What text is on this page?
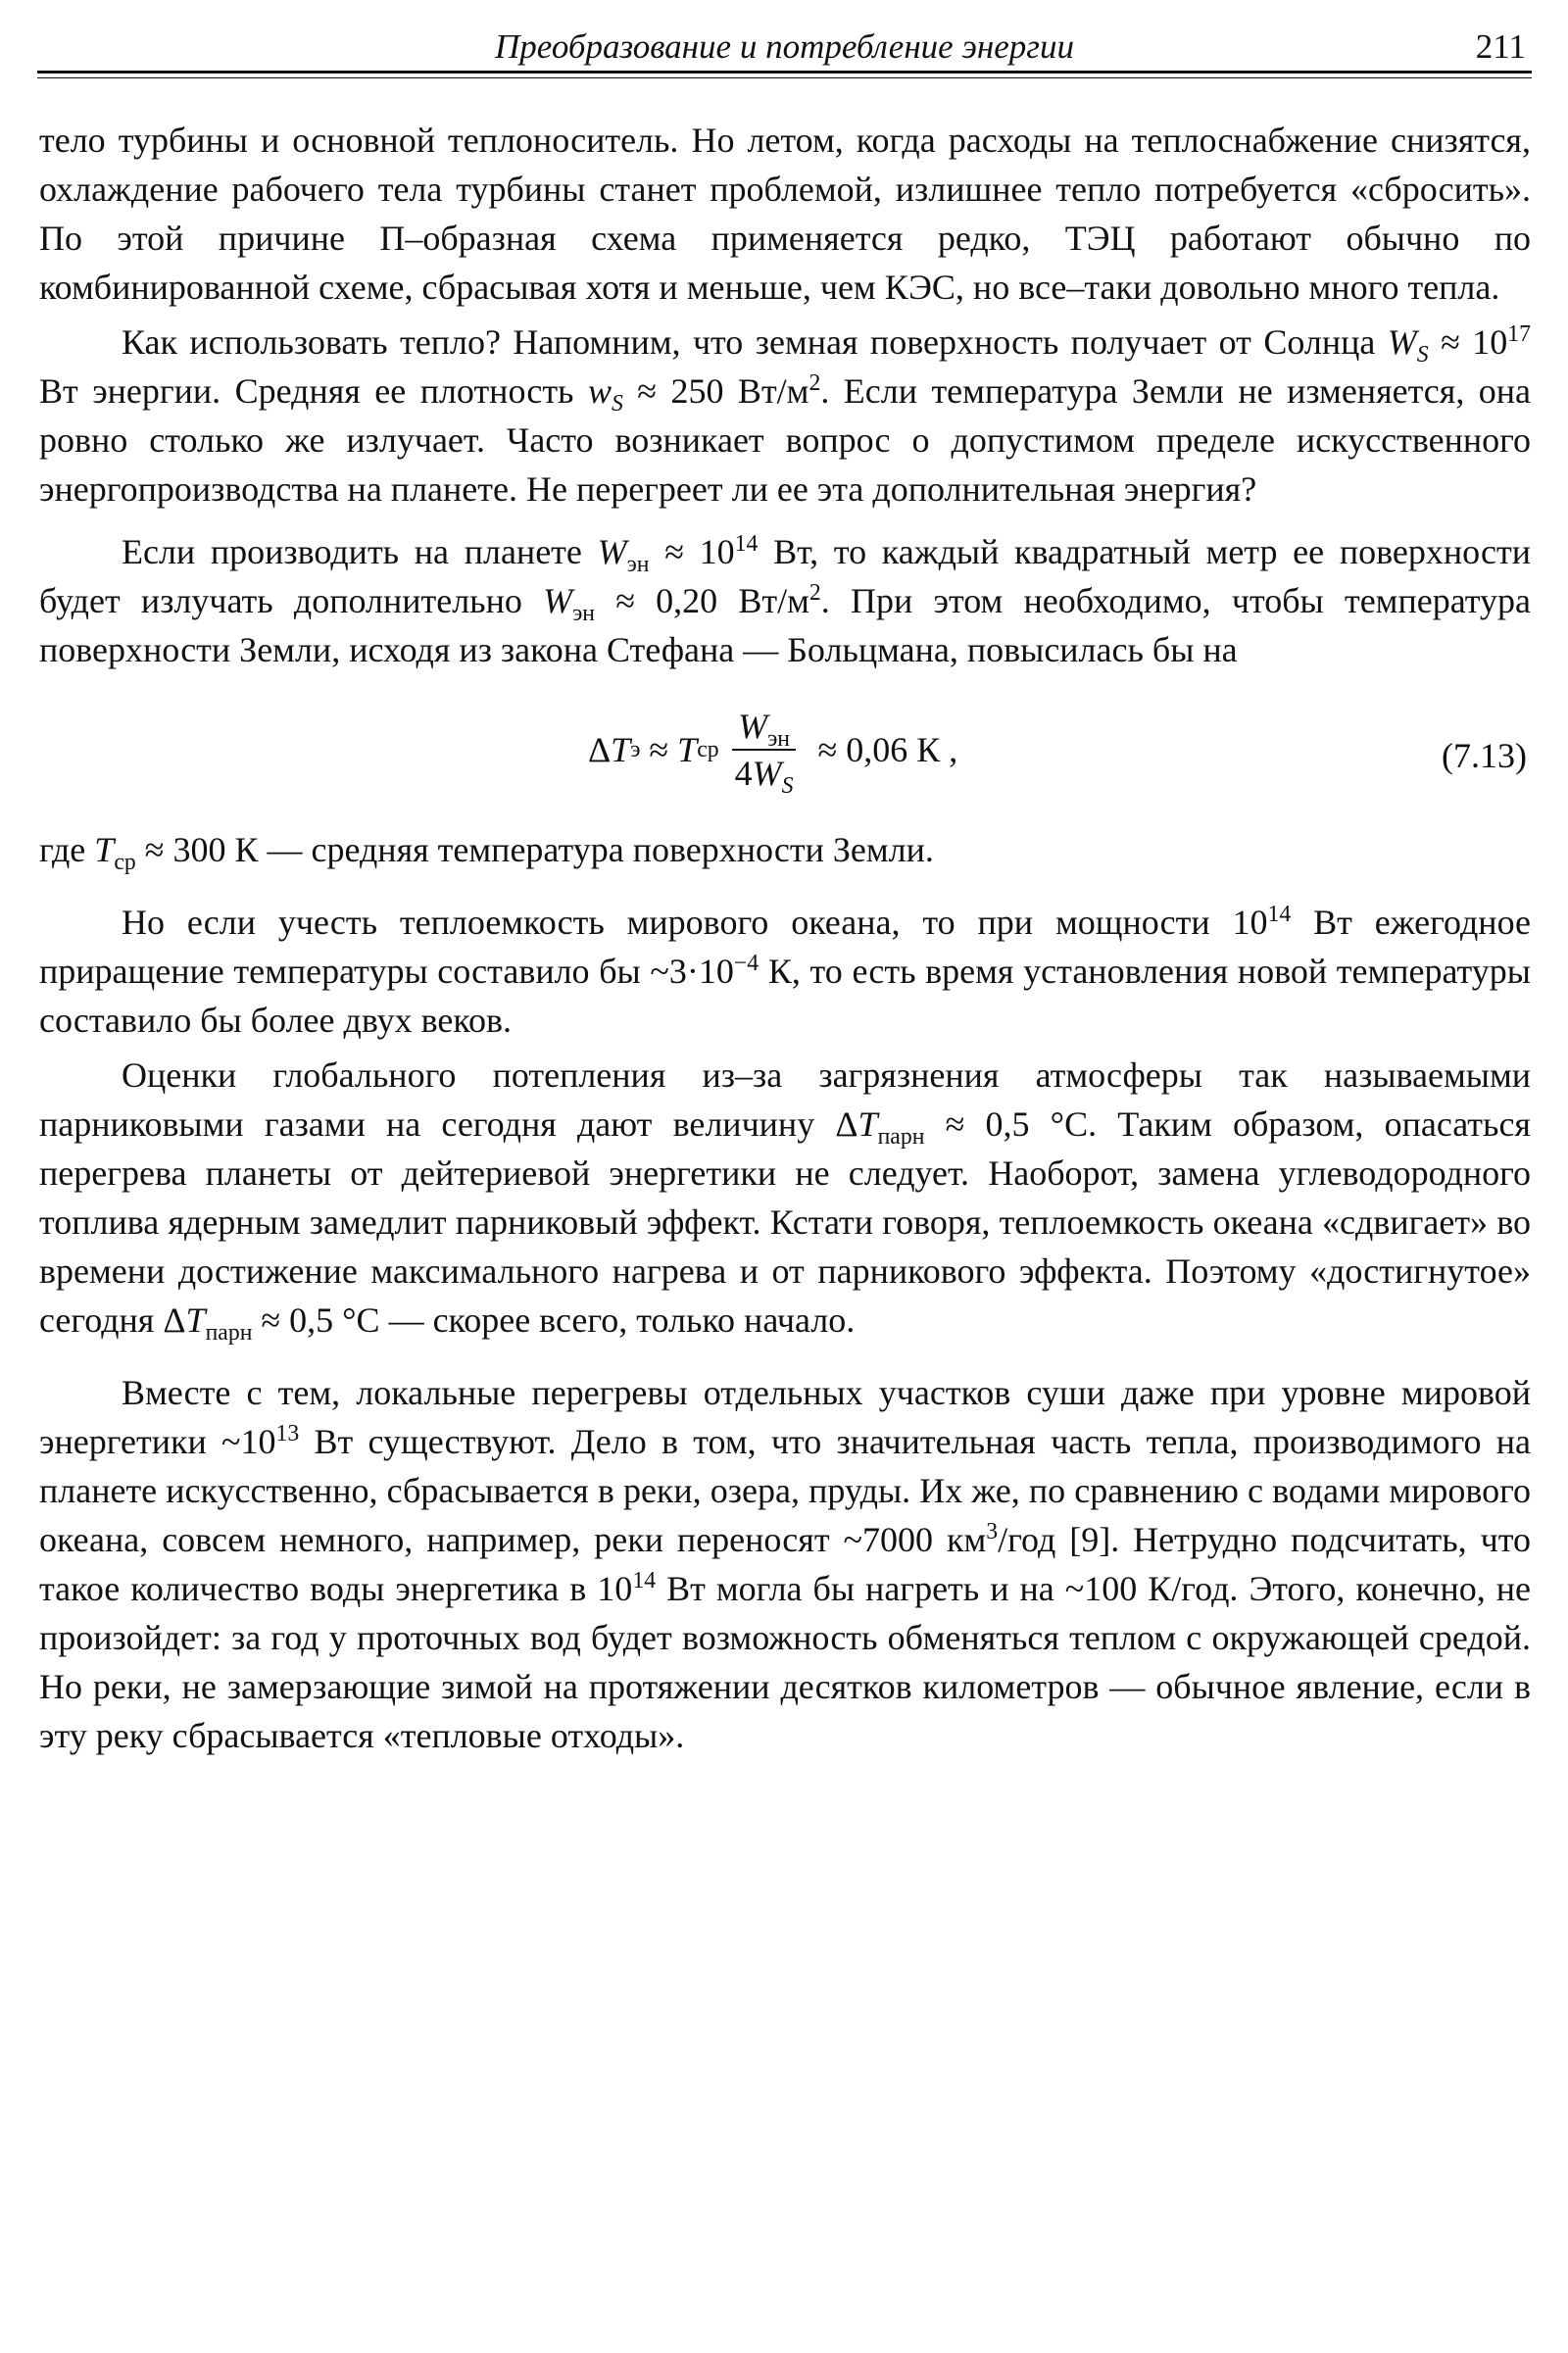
Преобразование и потребление энергии	211

тело турбины и основной теплоноситель. Но летом, когда расходы на теплоснабжение снизятся, охлаждение рабочего тела турбины станет проблемой, излишнее тепло потребуется «сбросить». По этой причине П–образная схема применяется редко, ТЭЦ работают обычно по комбинированной схеме, сбрасывая хотя и меньше, чем КЭС, но все–таки довольно много тепла.

Как использовать тепло? Напомним, что земная поверхность получает от Солнца $W_S \approx 10^{17}$ Вт энергии. Средняя ее плотность $w_S \approx 250$ $Вт/м^2$. Если температура Земли не изменяется, она ровно столько же излучает. Часто возникает вопрос о допустимом пределе искусственного энергопроизводства на планете. Не перегреет ли ее эта дополнительная энергия?

Если производить на планете $W_{эн} \approx 10^{14}$ Вт, то каждый квадратный метр ее поверхности будет излучать дополнительно $W_{эн} \approx 0,20$ $Вт/м^2$. При этом необходимо, чтобы температура поверхности Земли, исходя из закона Стефана — Больцмана, повысилась бы на

Δ T э ≈ T ср $\frac{W_{эн}}{4W_S} \approx 0,06$ К ,	(7.13)

где $T_{ср} \approx 300$ К — средняя температура поверхности Земли.

Но если учесть теплоемкость мирового океана, то при мощности $10^{14}$ Вт ежегодное приращение температуры составило бы $\sim 3\cdot 10^{-4}$ К, то есть время установления новой температуры составило бы более двух веков.

Оценки глобального потепления из–за загрязнения атмосферы так называемыми парниковыми газами на сегодня дают величину $\Delta T_{парн} \approx 0,5$ °С. Таким образом, опасаться перегрева планеты от дейтериевой энергетики не следует. Наоборот, замена углеводородного топлива ядерным замедлит парниковый эффект. Кстати говоря, теплоемкость океана «сдвигает» во времени достижение максимального нагрева и от парникового эффекта. Поэтому «достигнутое» сегодня $\Delta T_{парн} \approx 0,5$ °С — скорее всего, только начало.

Вместе с тем, локальные перегревы отдельных участков суши даже при уровне мировой энергетики $\sim 10^{13}$ Вт существуют. Дело в том, что значительная часть тепла, производимого на планете искусственно, сбрасывается в реки, озера, пруды. Их же, по сравнению с водами мирового океана, совсем немного, например, реки переносят ~7000 $км^3$/год [9]. Нетрудно подсчитать, что такое количество воды энергетика в $10^{14}$ Вт могла бы нагреть и на ~100 К/год. Этого, конечно, не произойдет: за год у проточных вод будет возможность обменяться теплом с окружающей средой. Но реки, не замерзающие зимой на протяжении десятков километров — обычное явление, если в эту реку сбрасывается «тепловые отходы».
